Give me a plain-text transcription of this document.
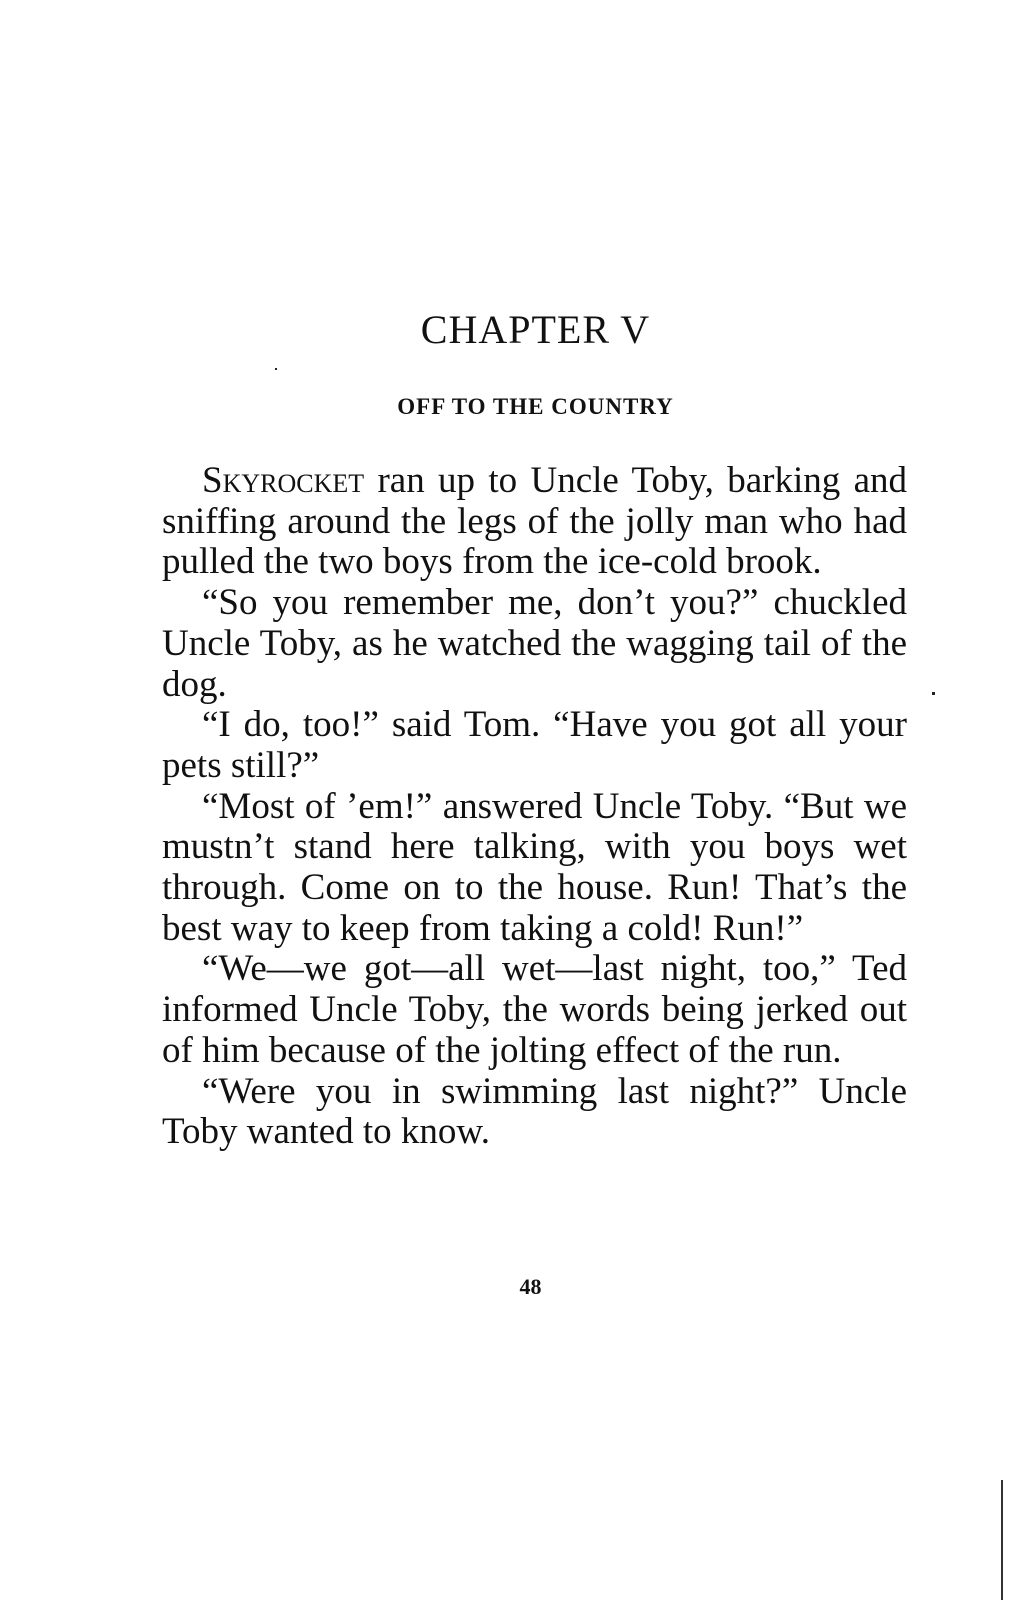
CHAPTER V
OFF TO THE COUNTRY

Skyrocket ran up to Uncle Toby, barking and sniffing around the legs of the jolly man who had pulled the two boys from the ice-cold brook.

“So you remember me, don’t you?” chuckled Uncle Toby, as he watched the wagging tail of the dog.

“I do, too!” said Tom. “Have you got all your pets still?”

“Most of ’em!” answered Uncle Toby. “But we mustn’t stand here talking, with you boys wet through. Come on to the house. Run! That’s the best way to keep from taking a cold! Run!”

“We—we got—all wet—last night, too,” Ted informed Uncle Toby, the words being jerked out of him because of the jolting effect of the run.

“Were you in swimming last night?” Uncle Toby wanted to know.

48
